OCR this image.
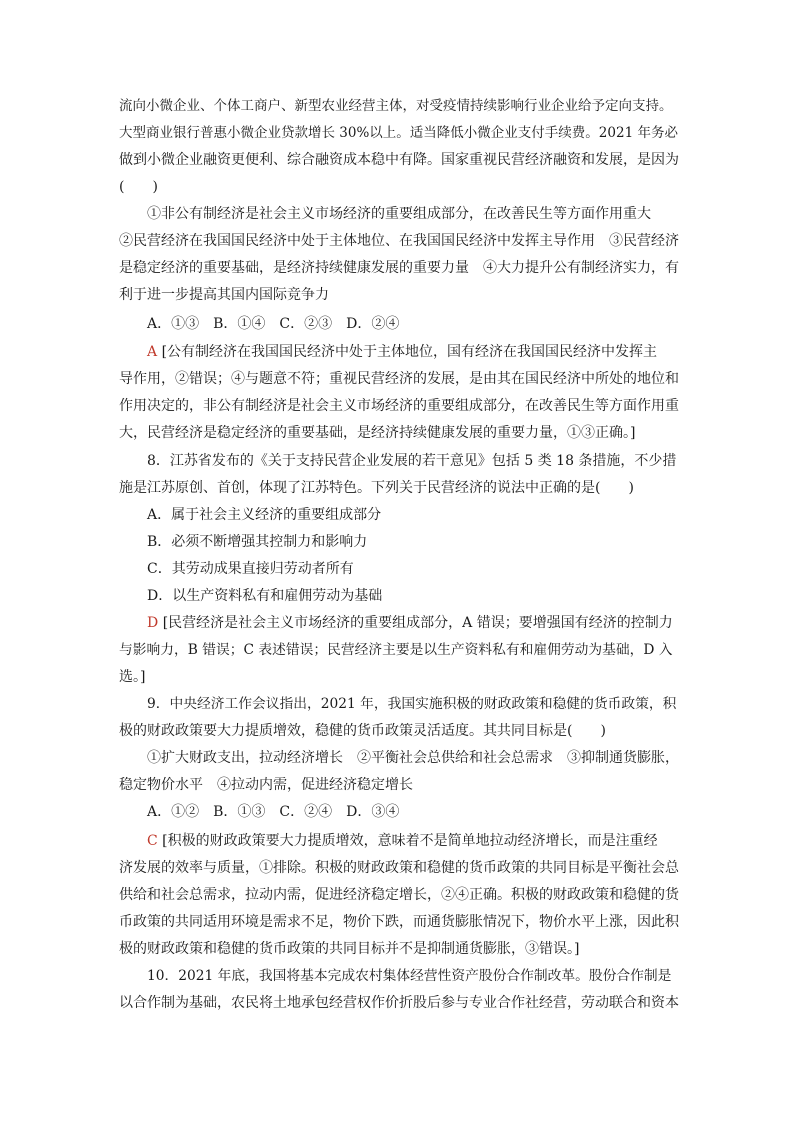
流向小微企业、个体工商户、新型农业经营主体，对受疫情持续影响行业企业给予定向支持。
大型商业银行普惠小微企业贷款增长 30%以上。适当降低小微企业支付手续费。2021 年务必
做到小微企业融资更便利、综合融资成本稳中有降。国家重视民营经济融资和发展，是因为
(　　)
①非公有制经济是社会主义市场经济的重要组成部分，在改善民生等方面作用重大
②民营经济在我国国民经济中处于主体地位、在我国国民经济中发挥主导作用　③民营经济
是稳定经济的重要基础，是经济持续健康发展的重要力量　④大力提升公有制经济实力，有
利于进一步提高其国内国际竞争力
A．①③　B．①④　C．②③　D．②④
A [公有制经济在我国国民经济中处于主体地位，国有经济在我国国民经济中发挥主
导作用，②错误；④与题意不符；重视民营经济的发展，是由其在国民经济中所处的地位和
作用决定的，非公有制经济是社会主义市场经济的重要组成部分，在改善民生等方面作用重
大，民营经济是稳定经济的重要基础，是经济持续健康发展的重要力量，①③正确。]
8．江苏省发布的《关于支持民营企业发展的若干意见》包括 5 类 18 条措施，不少措
施是江苏原创、首创，体现了江苏特色。下列关于民营经济的说法中正确的是(　　)
A．属于社会主义经济的重要组成部分
B．必须不断增强其控制力和影响力
C．其劳动成果直接归劳动者所有
D．以生产资料私有和雇佣劳动为基础
D [民营经济是社会主义市场经济的重要组成部分，A 错误；要增强国有经济的控制力
与影响力，B 错误；C 表述错误；民营经济主要是以生产资料私有和雇佣劳动为基础，D 入
选。]
9．中央经济工作会议指出，2021 年，我国实施积极的财政政策和稳健的货币政策，积
极的财政政策要大力提质增效，稳健的货币政策灵活适度。其共同目标是(　　)
①扩大财政支出，拉动经济增长　②平衡社会总供给和社会总需求　③抑制通货膨胀，
稳定物价水平　④拉动内需，促进经济稳定增长
A．①②　B．①③　C．②④　D．③④
C [积极的财政政策要大力提质增效，意味着不是简单地拉动经济增长，而是注重经
济发展的效率与质量，①排除。积极的财政政策和稳健的货币政策的共同目标是平衡社会总
供给和社会总需求，拉动内需，促进经济稳定增长，②④正确。积极的财政政策和稳健的货
币政策的共同适用环境是需求不足，物价下跌，而通货膨胀情况下，物价水平上涨，因此积
极的财政政策和稳健的货币政策的共同目标并不是抑制通货膨胀，③错误。]
10．2021 年底，我国将基本完成农村集体经营性资产股份合作制改革。股份合作制是
以合作制为基础，农民将土地承包经营权作价折股后参与专业合作社经营，劳动联合和资本
